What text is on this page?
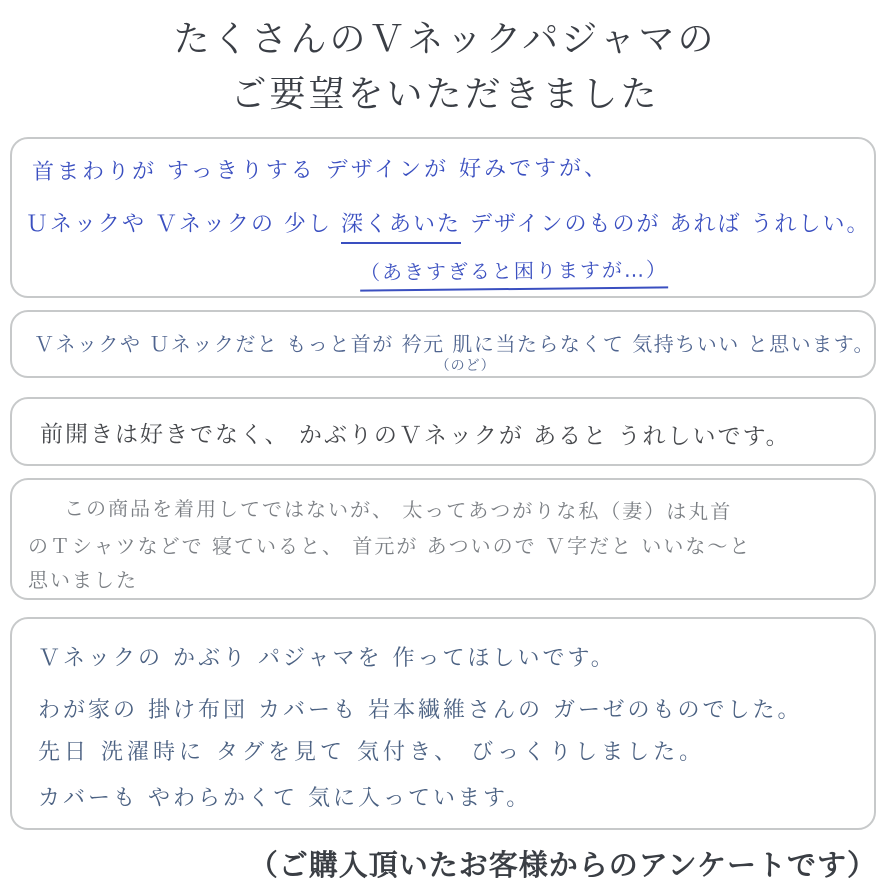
たくさんのＶネックパジャマの
ご要望をいただきました

首まわりが すっきりする デザインが 好みですが、

Ｕネックや Ｖネックの 少し 深くあいた デザインのものが あれば うれしい。

（あきすぎると困りますが…）

Ｖネックや Ｕネックだと もっと首が 衿元 肌に
（のど）
当たらなくて 気持ちいい と思います。

前開きは好きでなく、 かぶりのＶネックが あると うれしいです。

この商品を着用してではないが、 太ってあつがりな私（妻）は丸首

のＴシャツなどで 寝ていると、 首元が あついので Ｖ字だと いいな〜と

思いました

Ｖネックの かぶり パジャマを 作ってほしいです。

わが家の 掛け布団 カバーも 岩本繊維さんの ガーゼのものでした。

先日 洗濯時に タグを見て 気付き、 びっくりしました。

カバーも やわらかくて 気に入っています。

（ご購入頂いたお客様からのアンケートです）
